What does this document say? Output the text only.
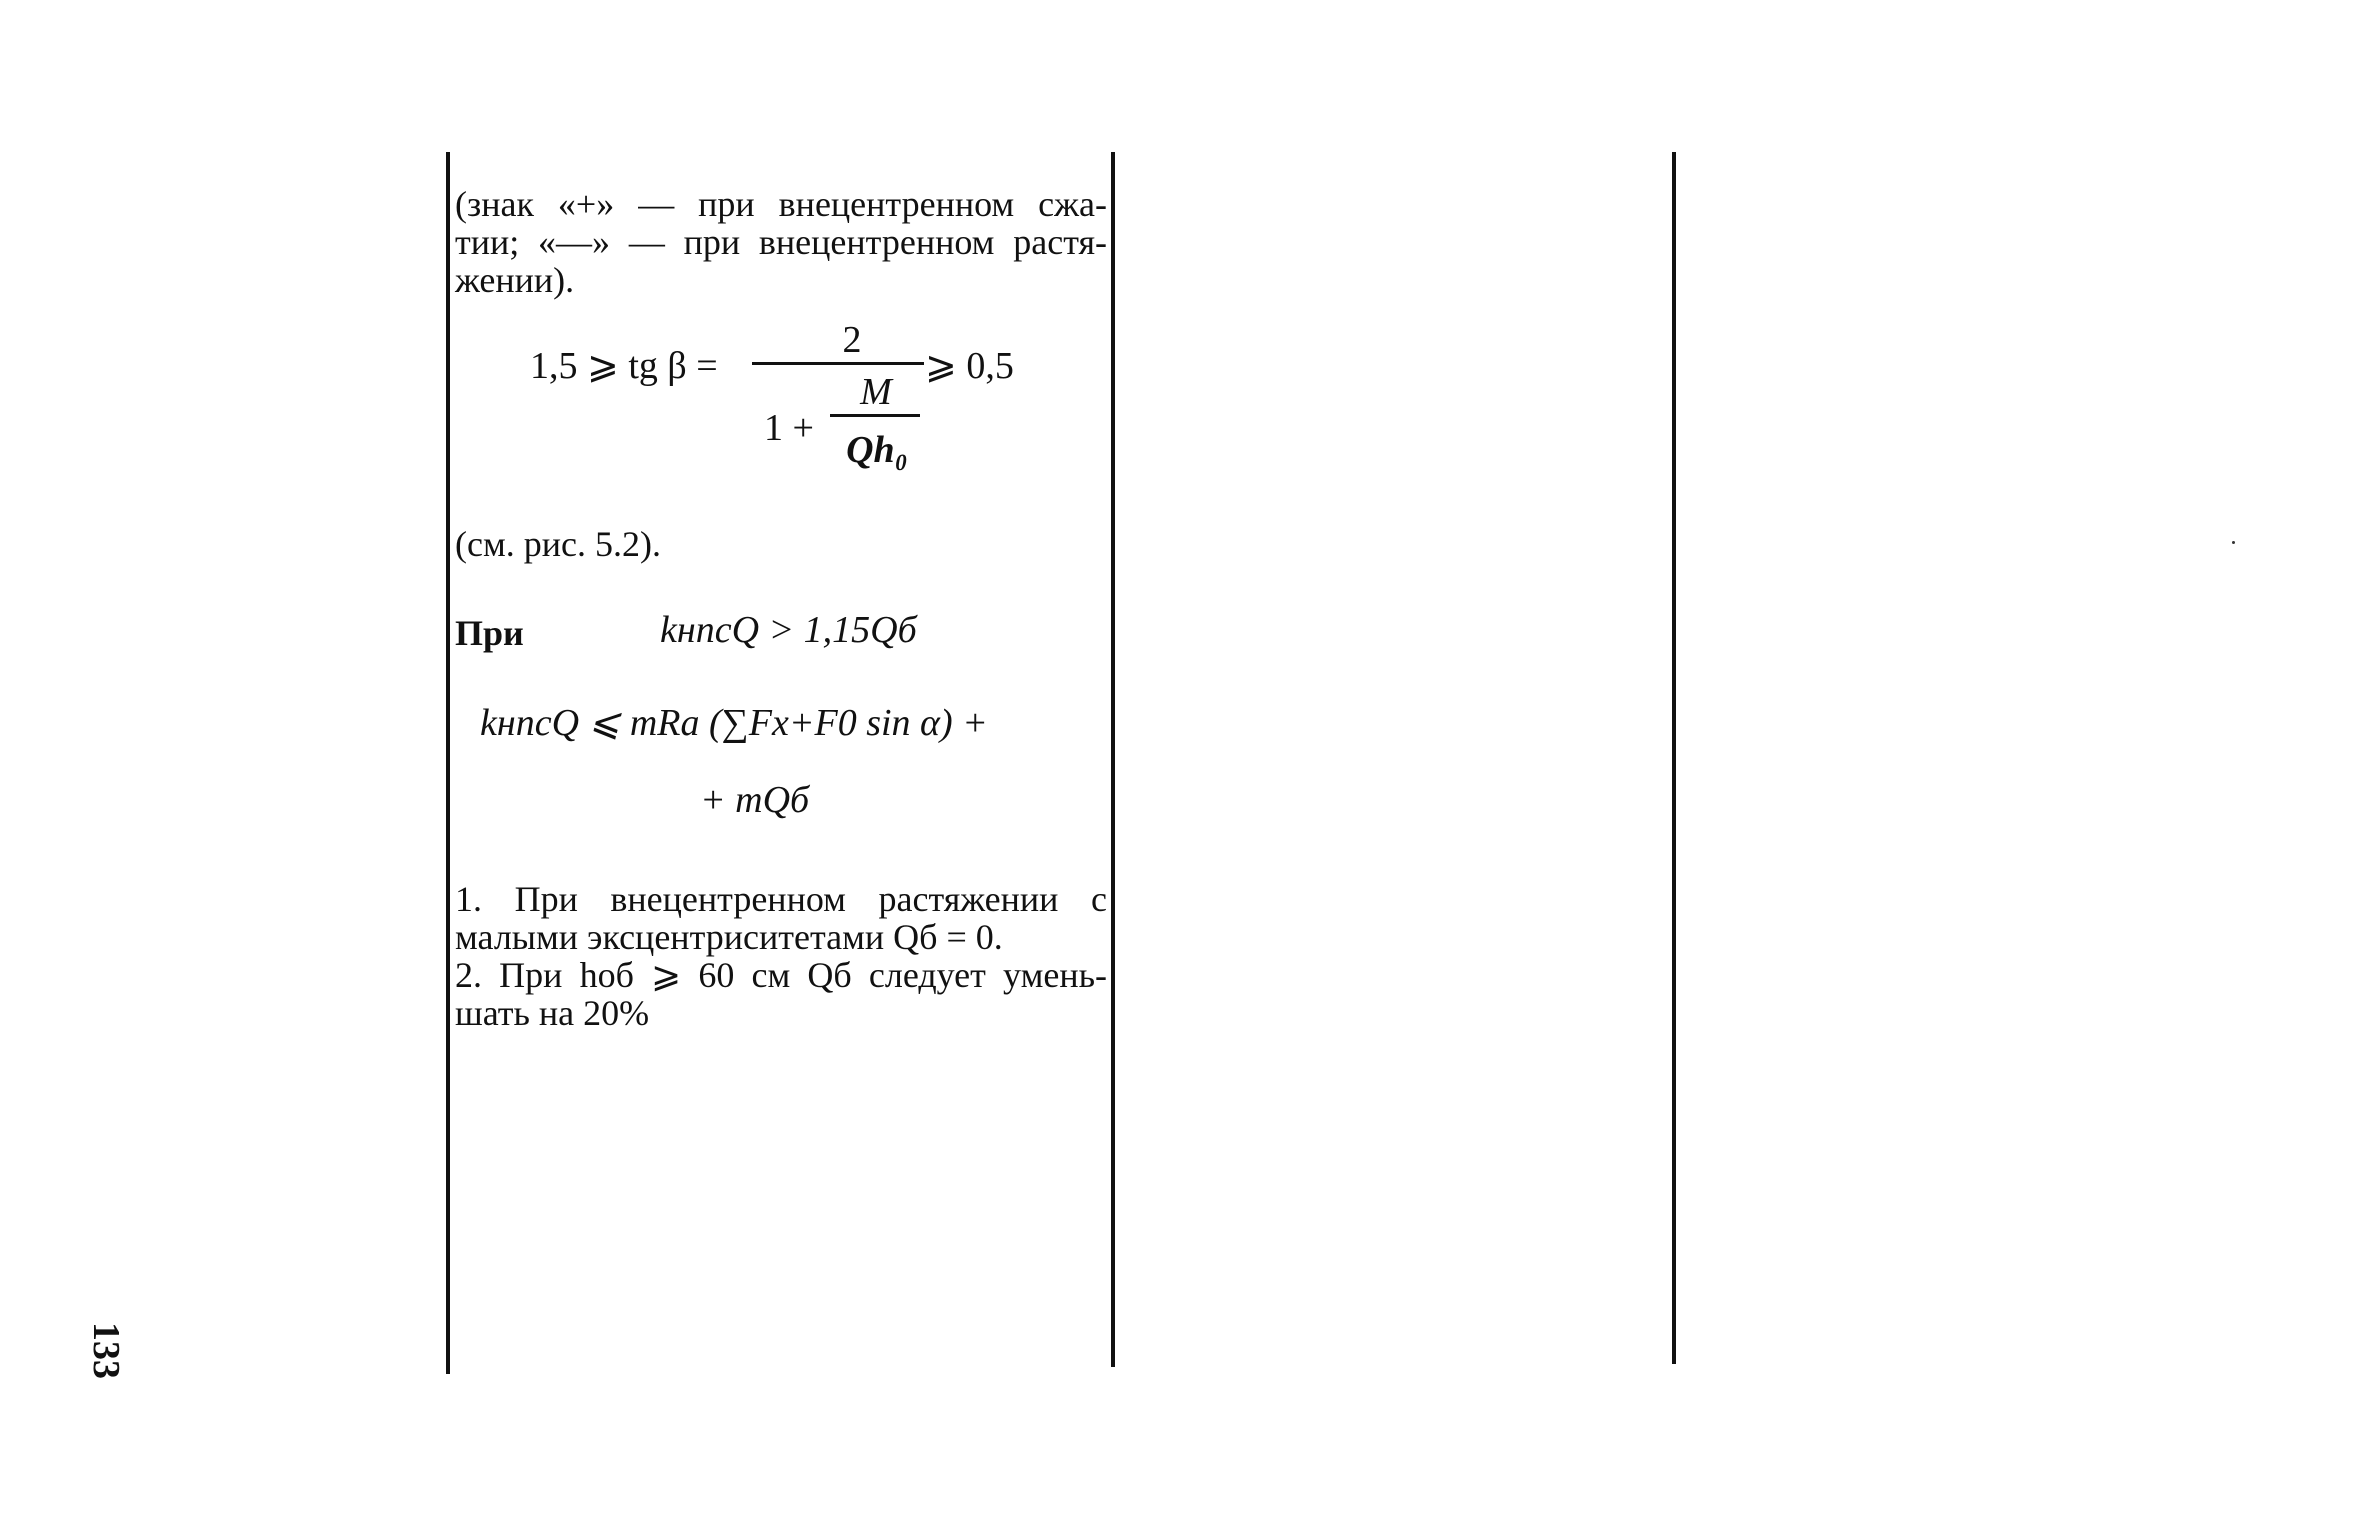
(знак «+» — при внецентренном сжа-
тии; «—» — при внецентренном растя-
жении).
1,5 ⩾ tg β =
2
1 +
M
Qh₀
⩾ 0,5
(см. рис. 5.2).
При	kнncQ > 1,15Qб
kнncQ ⩽ mRa (∑Fx+F0 sin α) +
+ mQб
1. При внецентренном растяжении с
малыми эксцентриситетами Qб = 0.
2. При hоб ⩾ 60 см Qб следует умень-
шать на 20%
133
